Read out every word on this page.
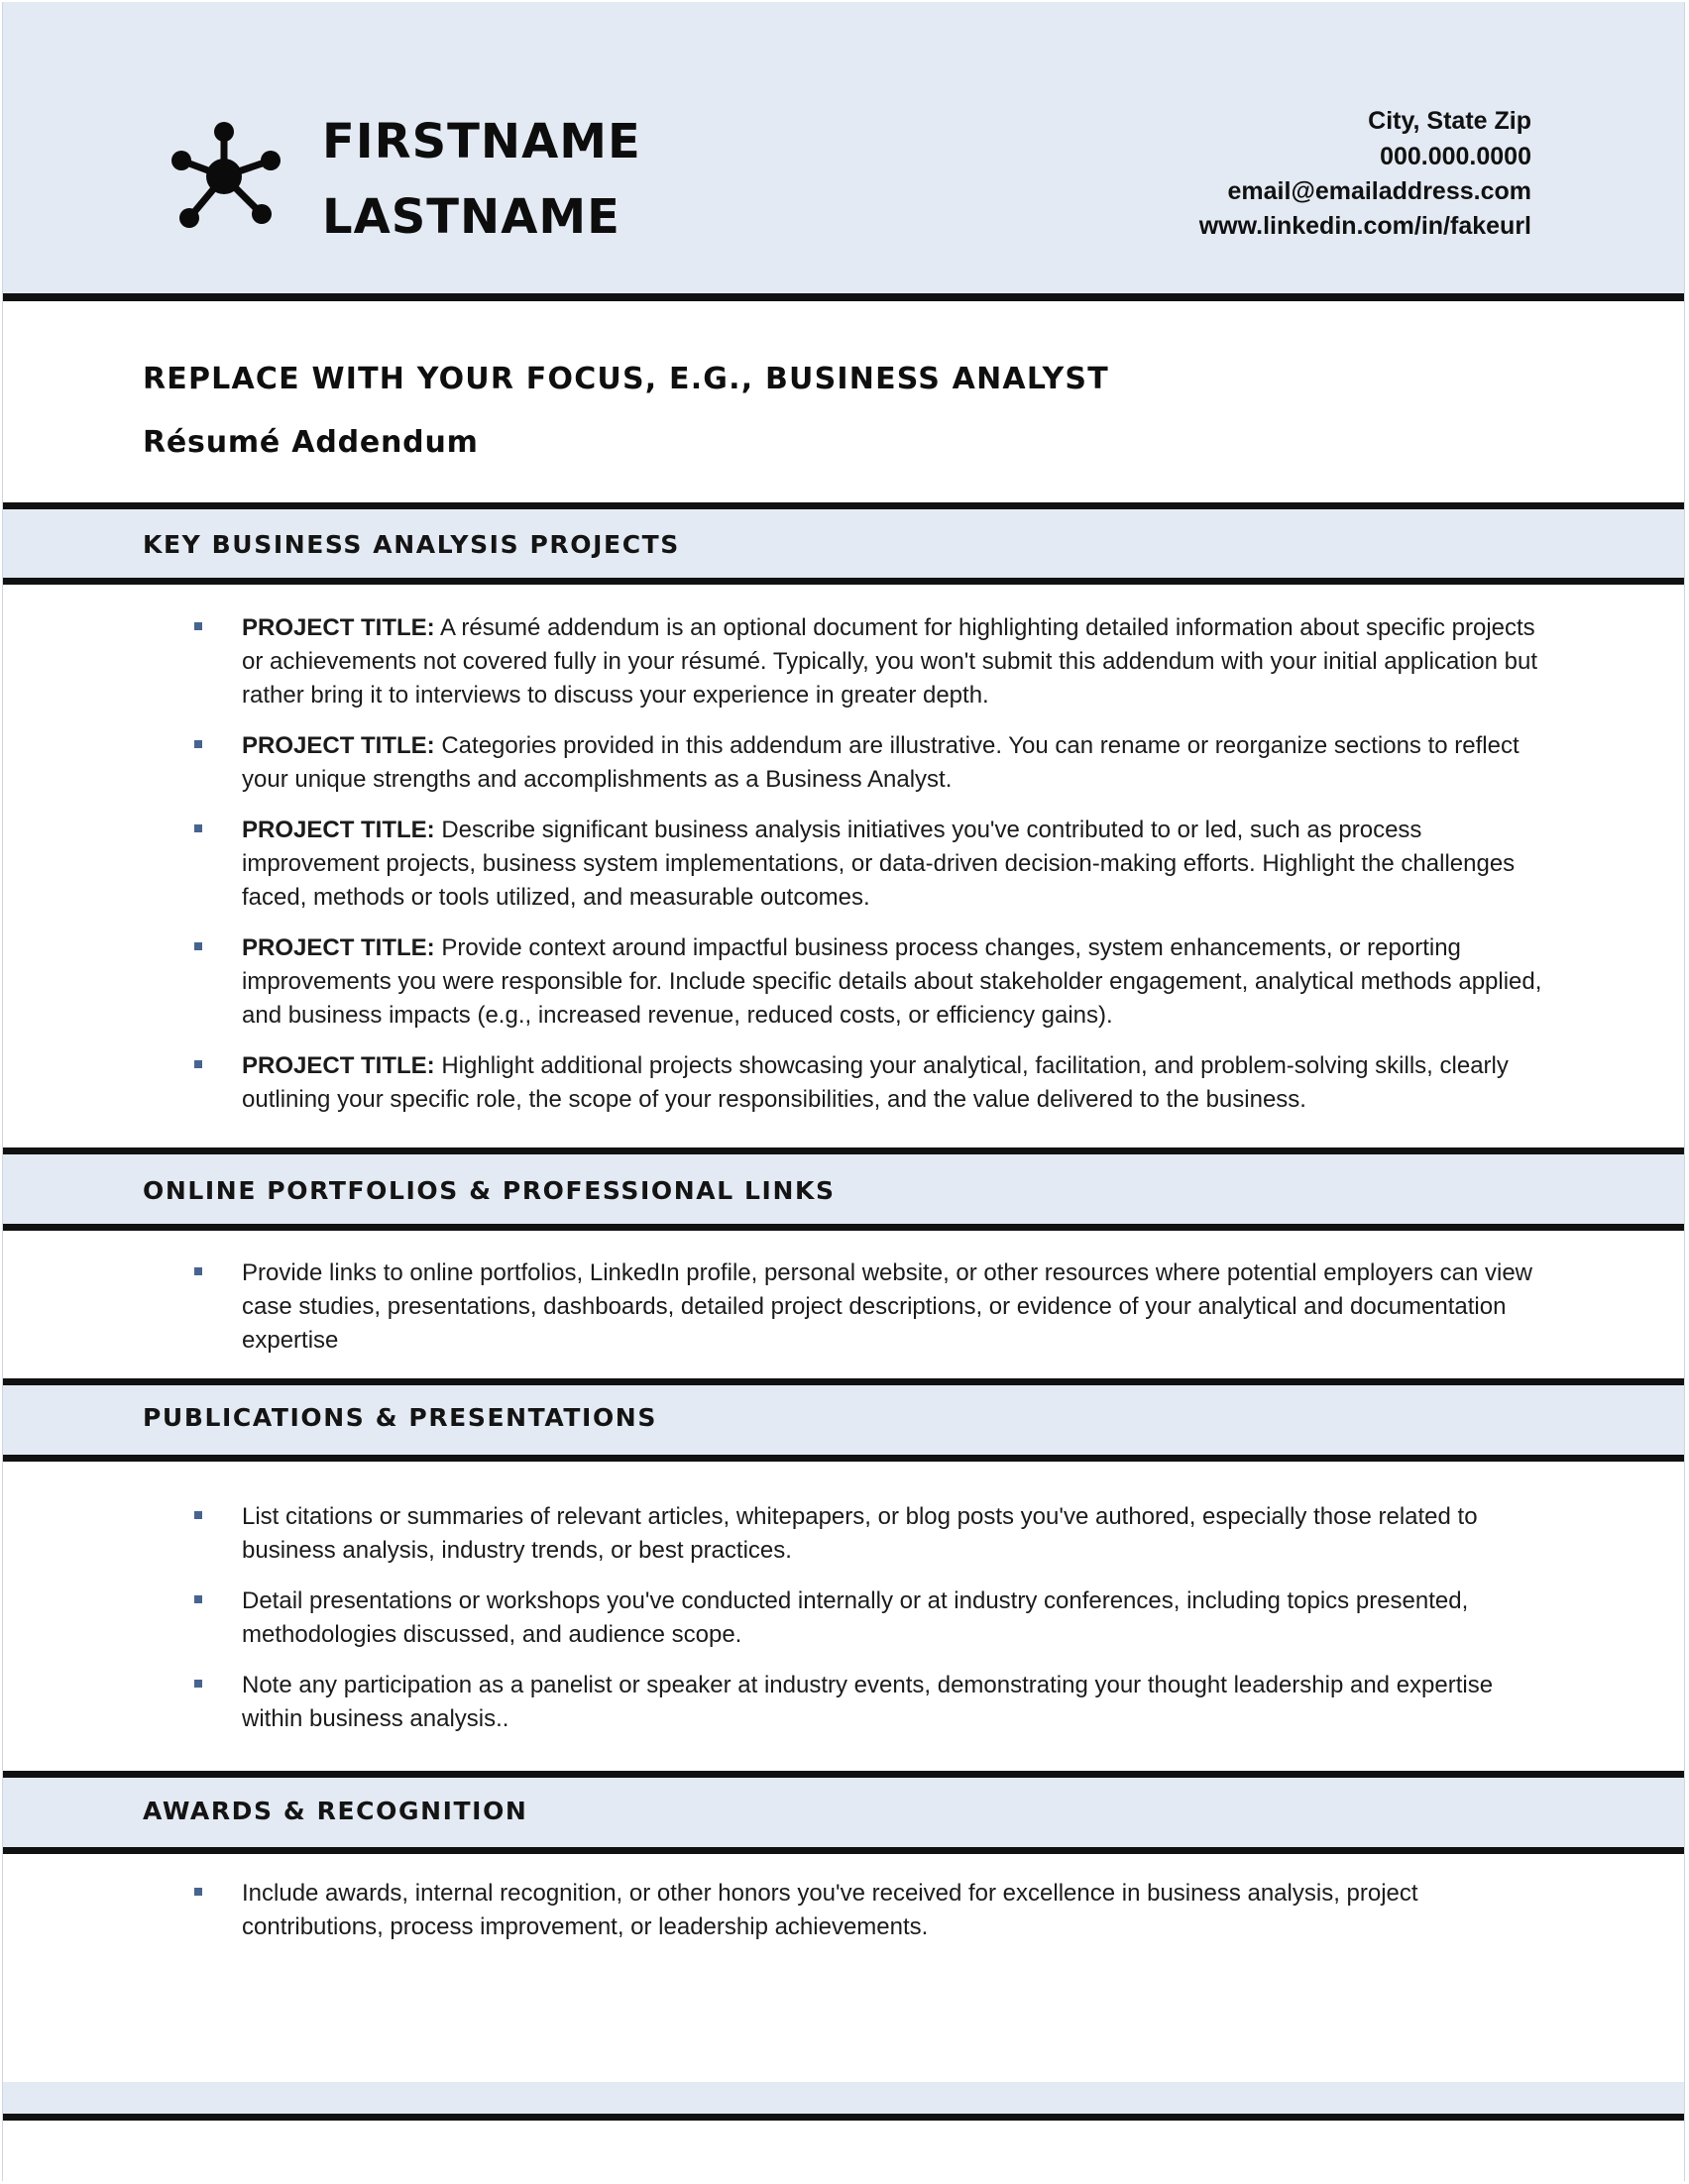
FIRSTNAME
LASTNAME
City, State Zip
000.000.0000
email@emailaddress.com
www.linkedin.com/in/fakeurl
REPLACE WITH YOUR FOCUS, E.G., BUSINESS ANALYST
Résumé Addendum
KEY BUSINESS ANALYSIS PROJECTS
PROJECT TITLE: A résumé addendum is an optional document for highlighting detailed information about specific projects or achievements not covered fully in your résumé. Typically, you won't submit this addendum with your initial application but rather bring it to interviews to discuss your experience in greater depth.
PROJECT TITLE: Categories provided in this addendum are illustrative. You can rename or reorganize sections to reflect your unique strengths and accomplishments as a Business Analyst.
PROJECT TITLE: Describe significant business analysis initiatives you've contributed to or led, such as process improvement projects, business system implementations, or data-driven decision-making efforts. Highlight the challenges faced, methods or tools utilized, and measurable outcomes.
PROJECT TITLE: Provide context around impactful business process changes, system enhancements, or reporting improvements you were responsible for. Include specific details about stakeholder engagement, analytical methods applied, and business impacts (e.g., increased revenue, reduced costs, or efficiency gains).
PROJECT TITLE: Highlight additional projects showcasing your analytical, facilitation, and problem-solving skills, clearly outlining your specific role, the scope of your responsibilities, and the value delivered to the business.
ONLINE PORTFOLIOS & PROFESSIONAL LINKS
Provide links to online portfolios, LinkedIn profile, personal website, or other resources where potential employers can view case studies, presentations, dashboards, detailed project descriptions, or evidence of your analytical and documentation expertise
PUBLICATIONS & PRESENTATIONS
List citations or summaries of relevant articles, whitepapers, or blog posts you've authored, especially those related to business analysis, industry trends, or best practices.
Detail presentations or workshops you've conducted internally or at industry conferences, including topics presented, methodologies discussed, and audience scope.
Note any participation as a panelist or speaker at industry events, demonstrating your thought leadership and expertise within business analysis..
AWARDS & RECOGNITION
Include awards, internal recognition, or other honors you've received for excellence in business analysis, project contributions, process improvement, or leadership achievements.
